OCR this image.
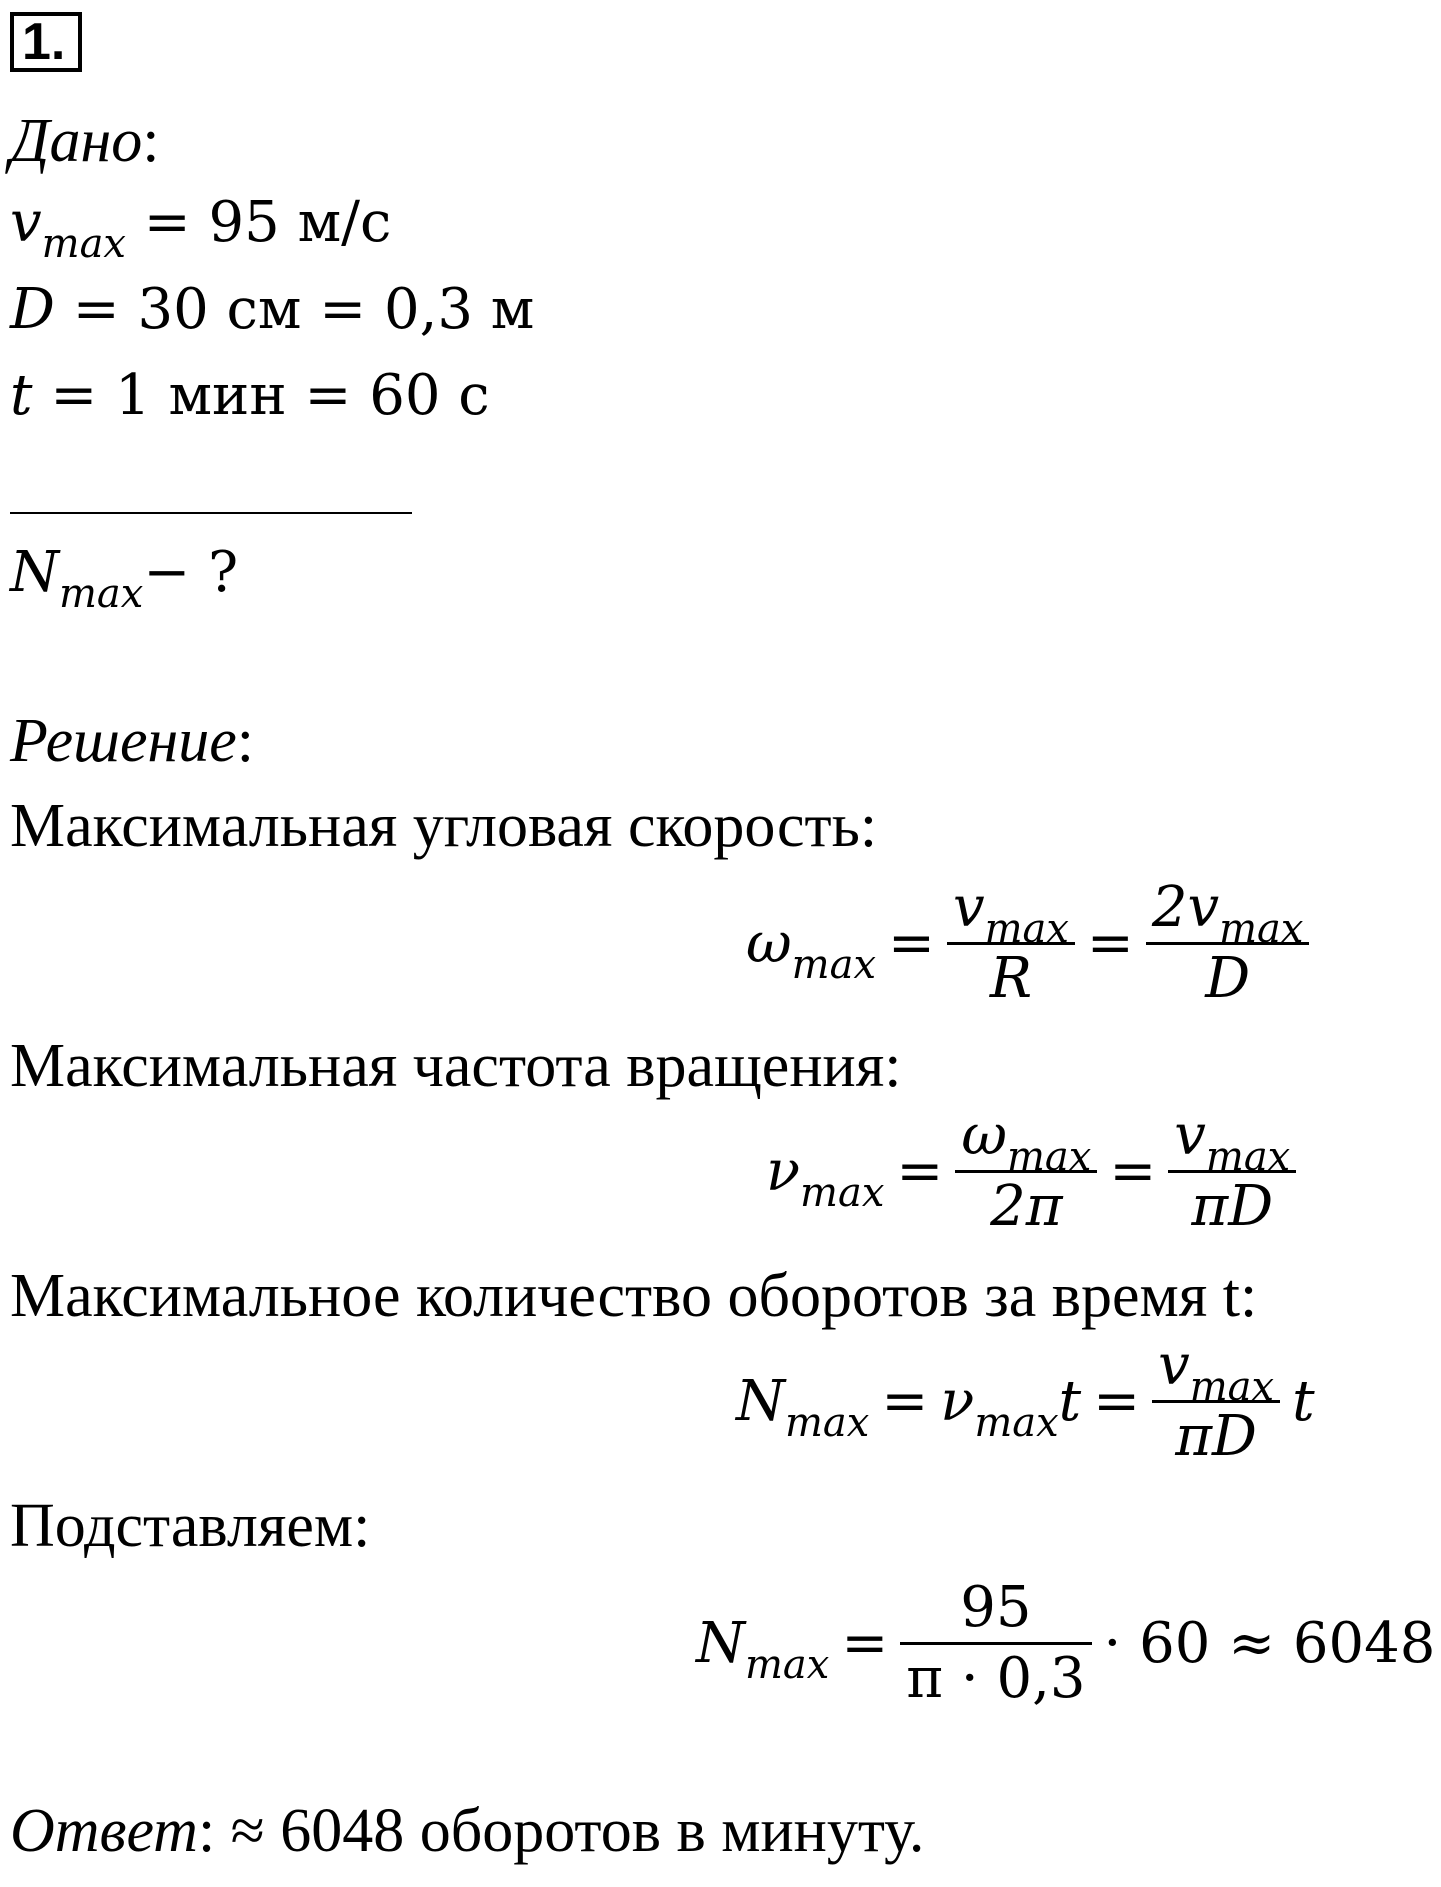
1.
Дано:
$v_{max} = 95$ м/с
D = 30 см = 0,3 м
t = 1 мин = 60 с
$N_{max}-$ ?
Решение:
Максимальная угловая скорость:
$\omega_{max} = \frac{v_{max}}{R} = \frac{2v_{max}}{D}$
Максимальная частота вращения:
$\nu_{max} = \frac{\omega_{max}}{2\pi} = \frac{v_{max}}{\pi D}$
Максимальное количество оборотов за время t:
$N_{max} = \nu_{max}t = \frac{v_{max}}{\pi D}$ t
Подставляем:
$N_{max} = \frac{95}{\pi \cdot 0,3} \cdot 60 \approx 6048$
Ответ: ≈ 6048 оборотов в минуту.
